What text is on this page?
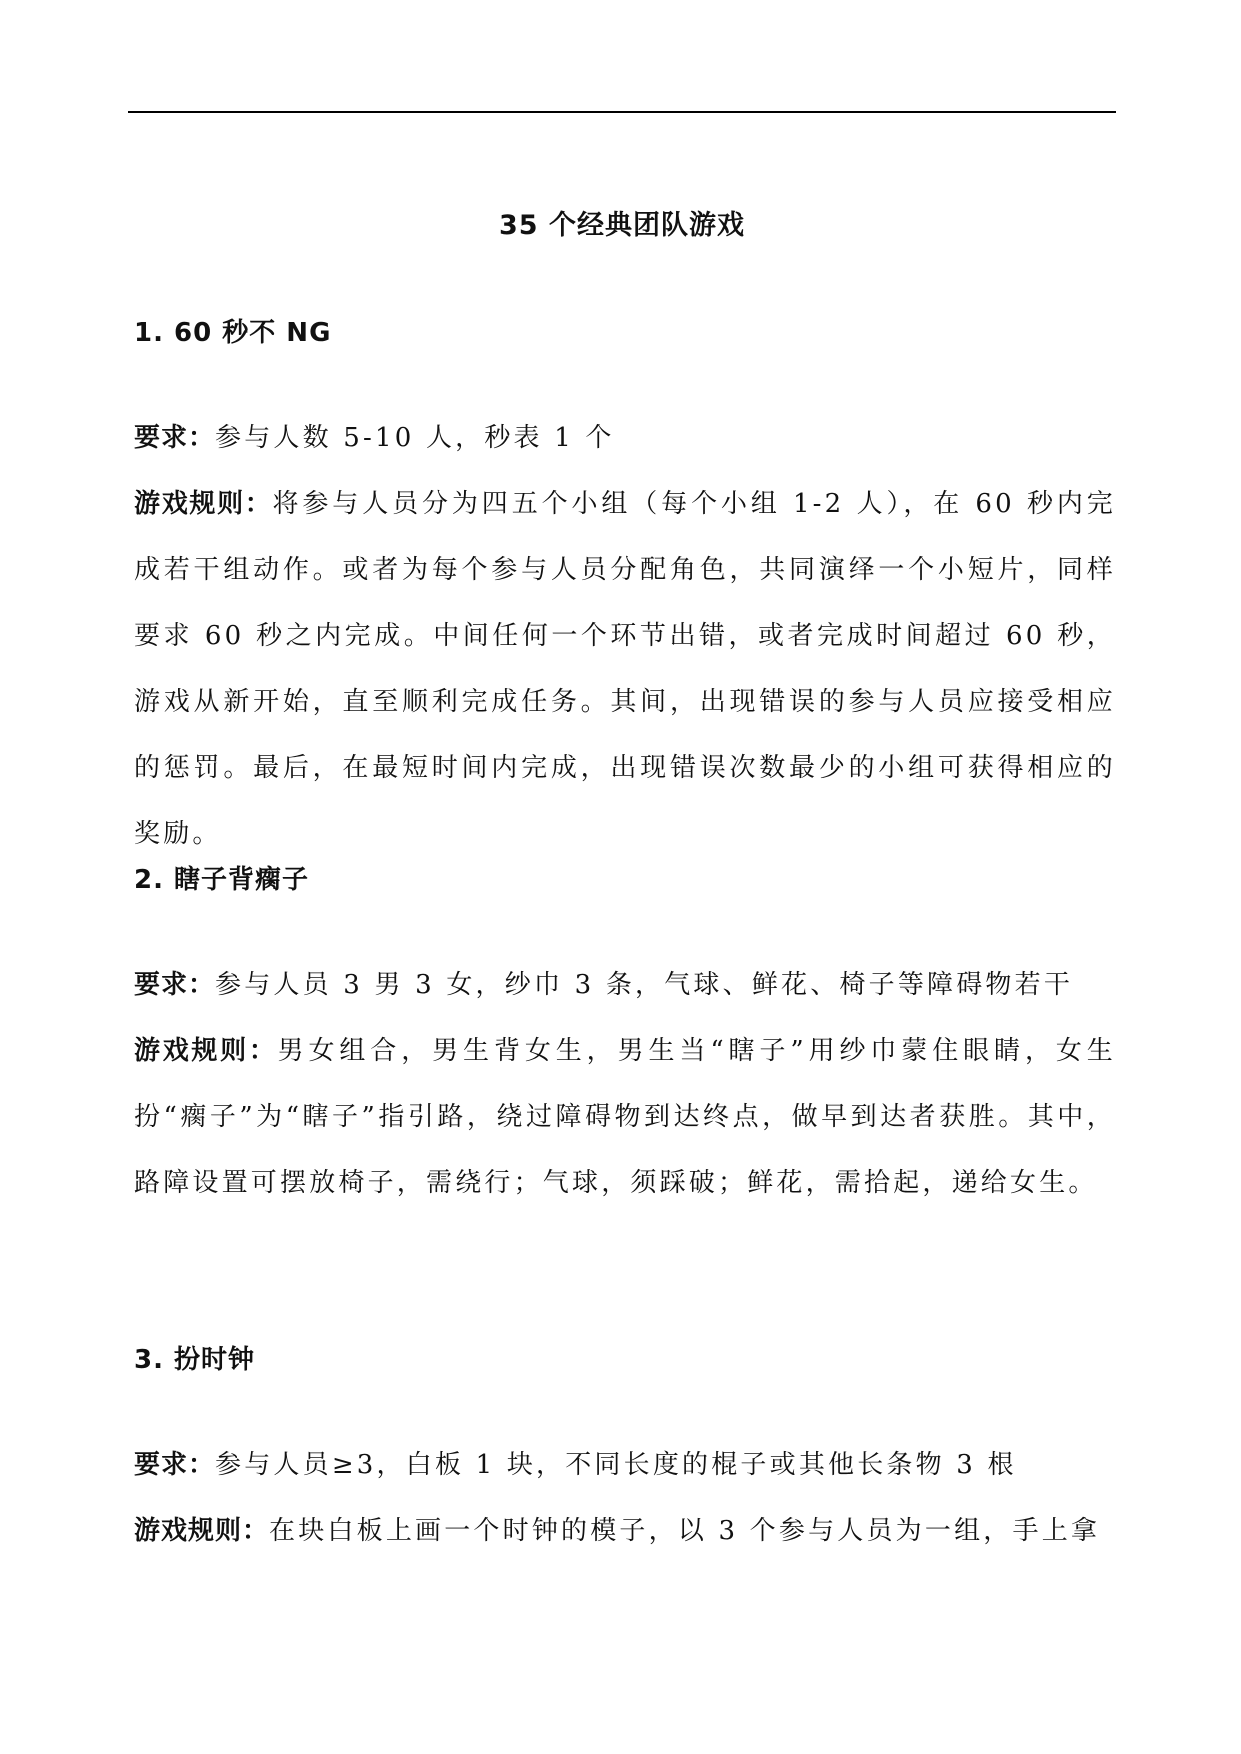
35 个经典团队游戏
1. 60 秒不 NG

要求：参与人数 5-10 人，秒表 1 个

游戏规则：将参与人员分为四五个小组（每个小组 1-2 人），在 60 秒内完成若干组动作。或者为每个参与人员分配角色，共同演绎一个小短片，同样要求 60 秒之内完成。中间任何一个环节出错，或者完成时间超过 60 秒，游戏从新开始，直至顺利完成任务。其间，出现错误的参与人员应接受相应的惩罚。最后，在最短时间内完成，出现错误次数最少的小组可获得相应的奖励。

2. 瞎子背瘸子

要求：参与人员 3 男 3 女，纱巾 3 条，气球、鲜花、椅子等障碍物若干

游戏规则：男女组合，男生背女生，男生当“瞎子”用纱巾蒙住眼睛，女生扮“瘸子”为“瞎子”指引路，绕过障碍物到达终点，做早到达者获胜。其中，路障设置可摆放椅子，需绕行；气球，须踩破；鲜花，需拾起，递给女生。

3. 扮时钟

要求：参与人员≥3，白板 1 块，不同长度的棍子或其他长条物 3 根

游戏规则：在块白板上画一个时钟的模子，以 3 个参与人员为一组，手上拿
